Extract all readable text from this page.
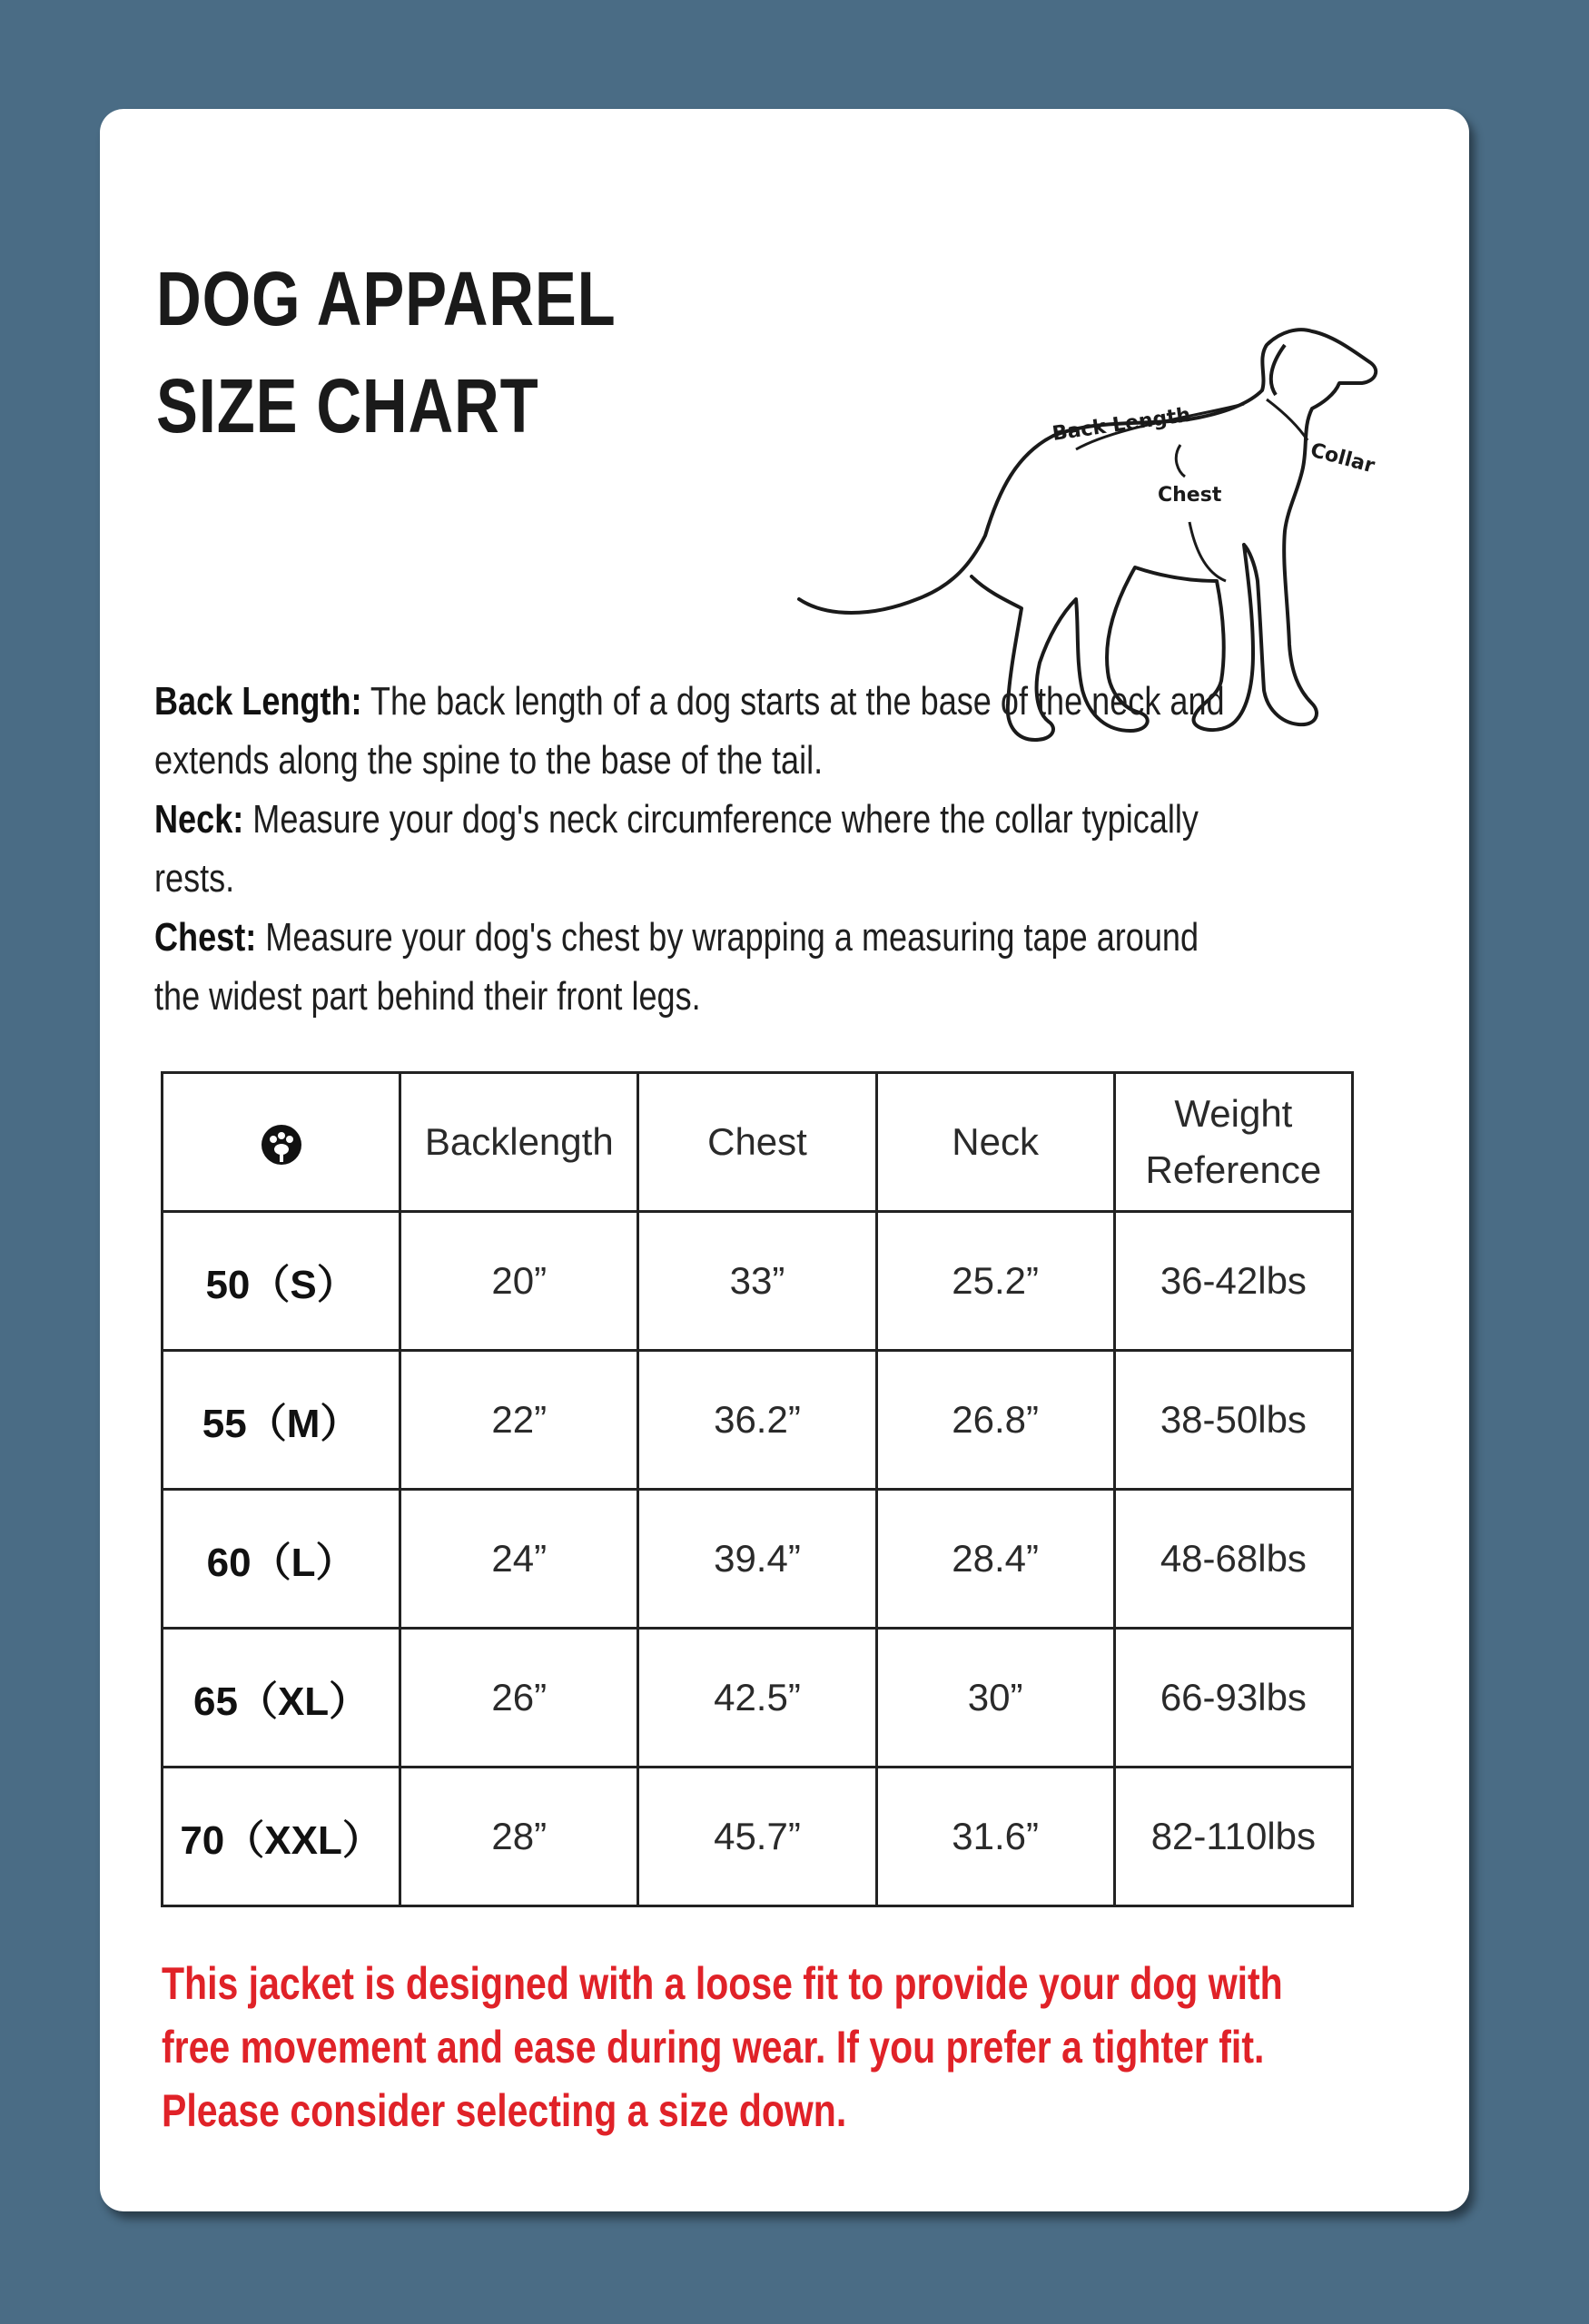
DOG APPAREL
SIZE CHART	Back Length
Collar
Chest

Back Length: The back length of a dog starts at the base of the neck and extends along the spine to the base of the tail.

Neck: Measure your dog's neck circumference where the collar typically rests.

Chest: Measure your dog's chest by wrapping a measuring tape around the widest part behind their front legs.

	Backlength	Chest	Neck	Weight Reference
50（S）	20”	33”	25.2”	36-42lbs
55（M）	22”	36.2”	26.8”	38-50lbs
60（L）	24”	39.4”	28.4”	48-68lbs
65（XL）	26”	42.5”	30”	66-93lbs
70（XXL）	28”	45.7”	31.6”	82-110lbs

This jacket is designed with a loose fit to provide your dog with free movement and ease during wear. If you prefer a tighter fit. Please consider selecting a size down.
